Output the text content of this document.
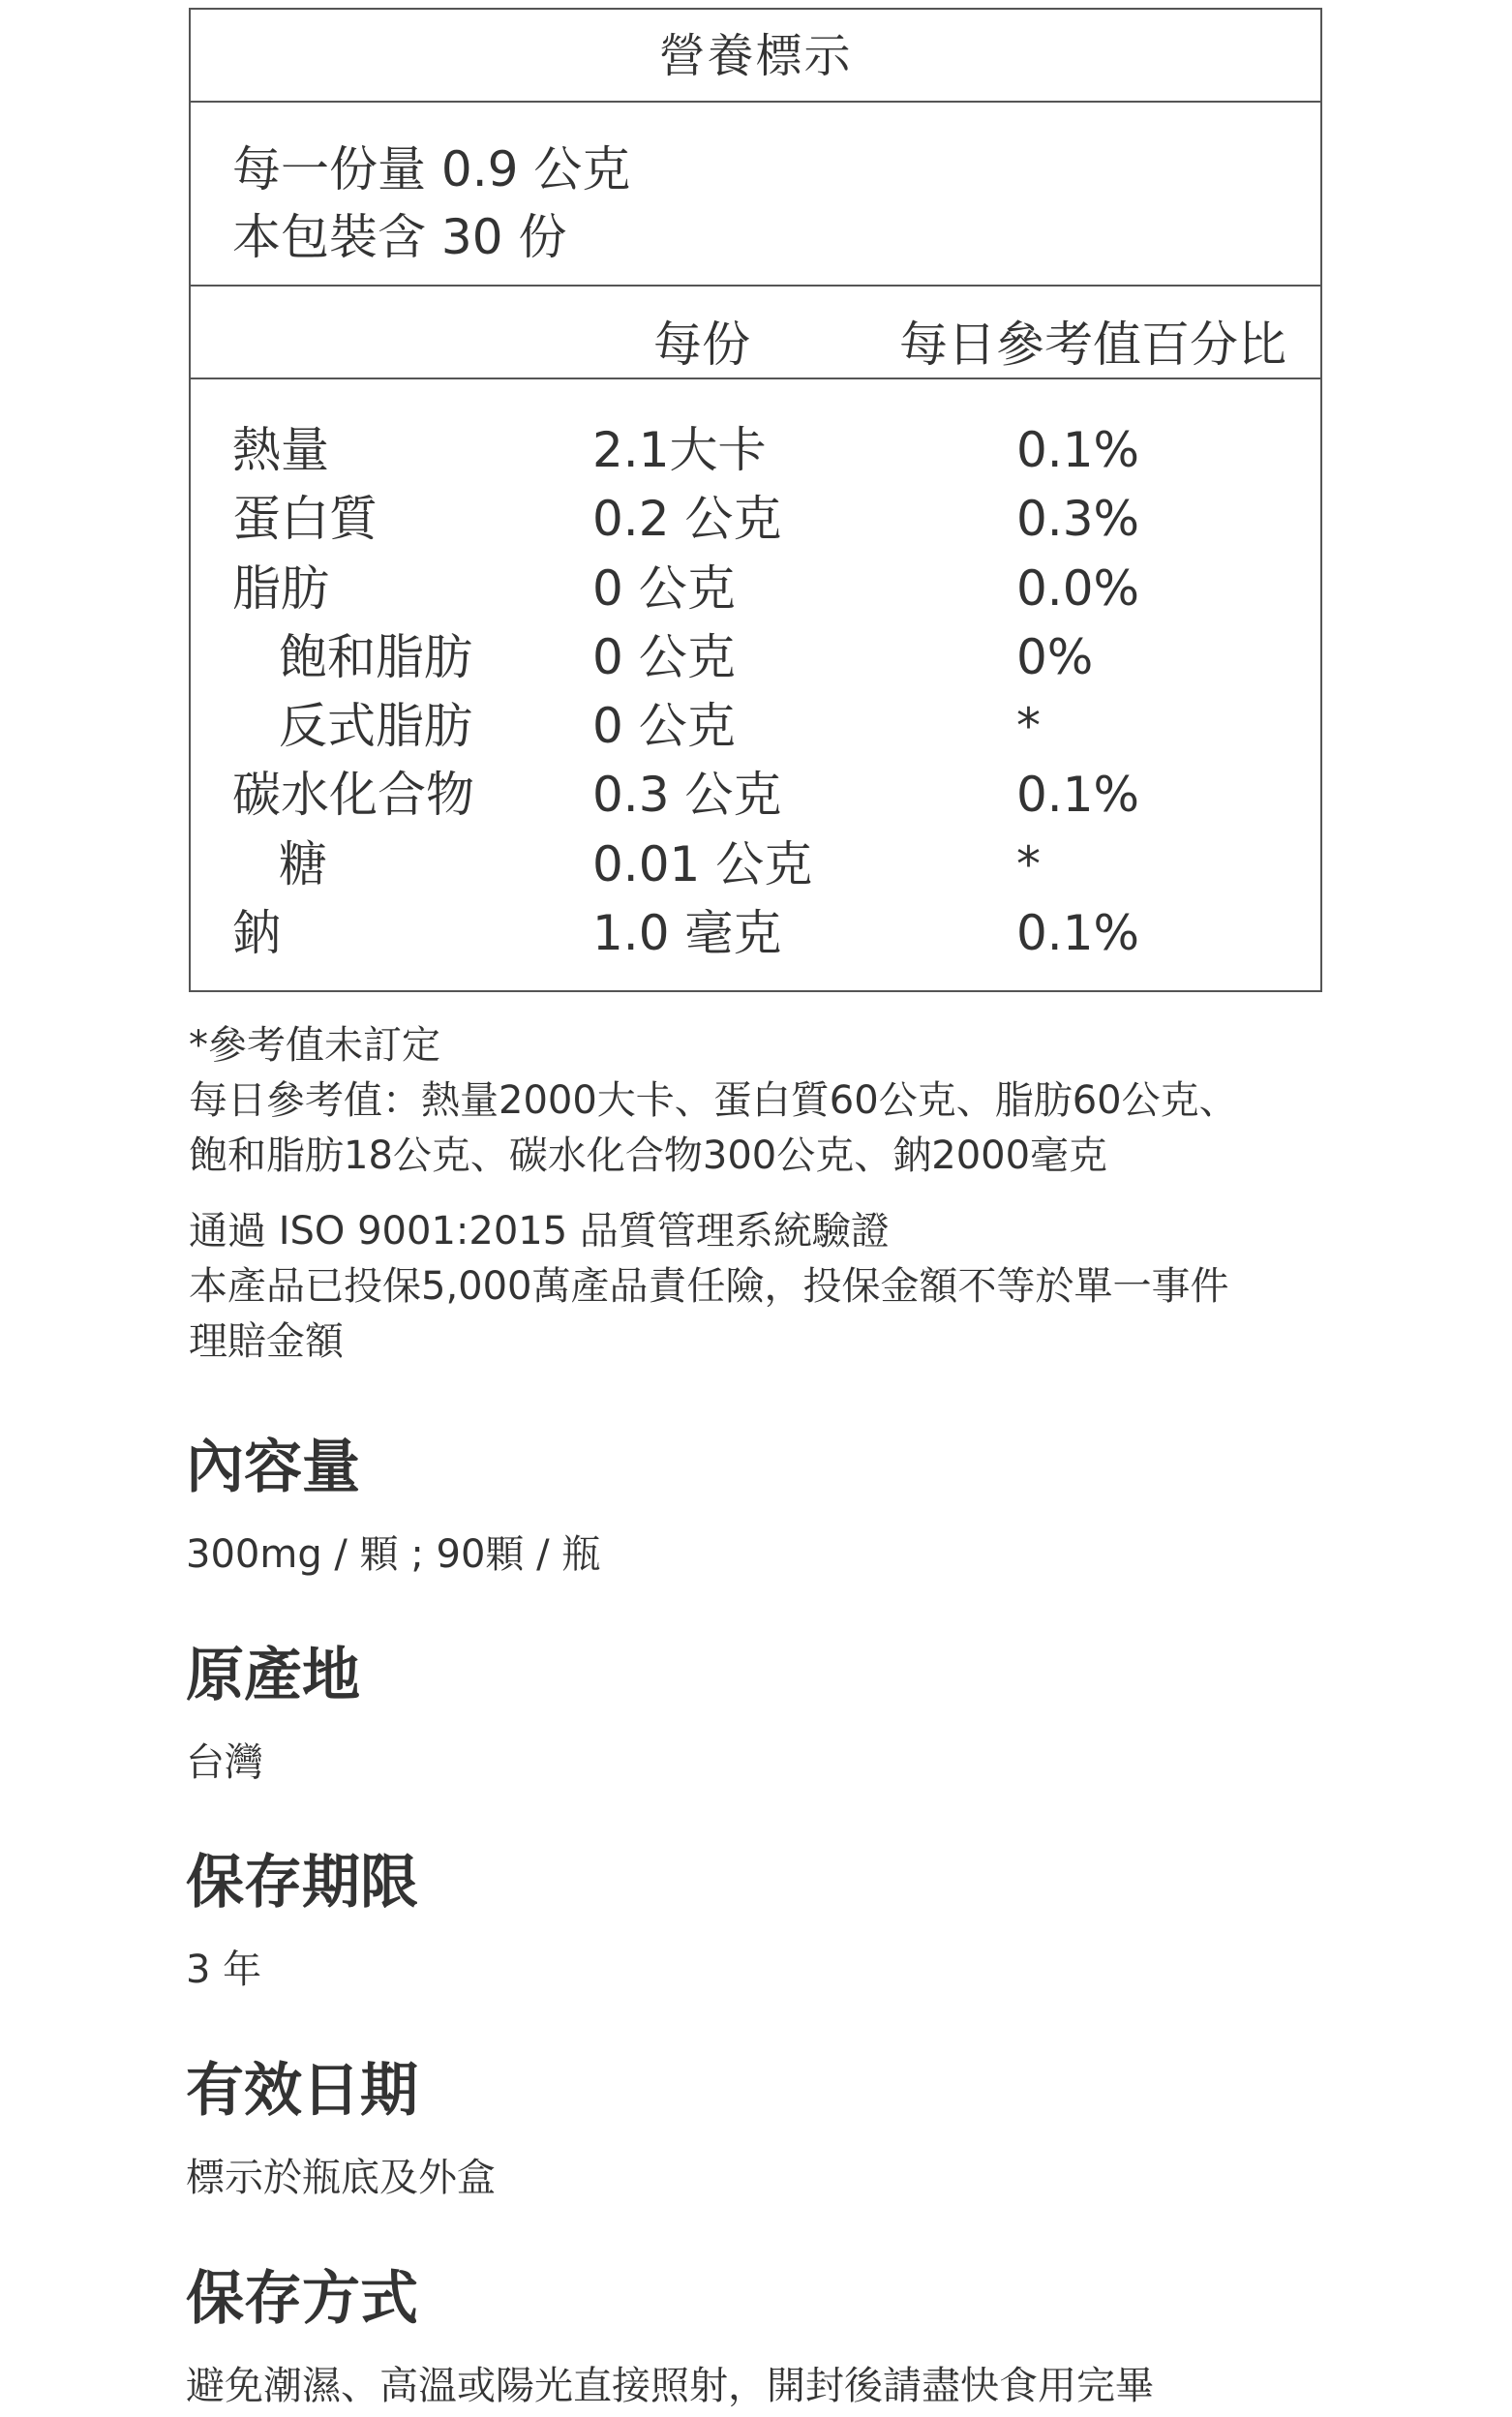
營養標示
每一份量 0.9 公克
本包裝含 30 份
每份	每日參考值百分比
熱量	2.1大卡	0.1%
蛋白質	0.2 公克	0.3%
脂肪	0 公克	0.0%
飽和脂肪 0 公克	0%
反式脂肪 0 公克	*
碳水化合物 0.3 公克	0.1%
糖	0.01 公克	*
鈉	1.0 毫克	0.1%
*參考值未訂定
每日參考值：熱量2000大卡、蛋白質60公克、脂肪60公克、
飽和脂肪18公克、碳水化合物300公克、鈉2000毫克
通過 ISO 9001:2015 品質管理系統驗證
本產品已投保5,000萬產品責任險，投保金額不等於單一事件
理賠金額
內容量

300mg / 顆 ; 90顆 / 瓶

原產地

台灣

保存期限

3 年

有效日期

標示於瓶底及外盒

保存方式

避免潮濕、高溫或陽光直接照射，開封後請盡快食用完畢
